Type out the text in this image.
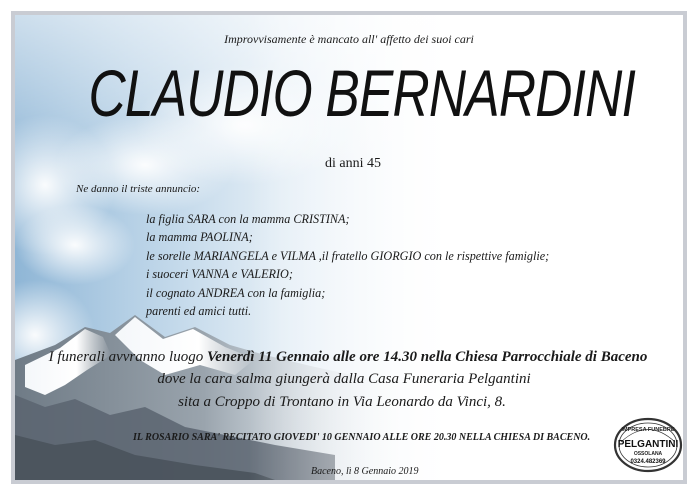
Improvvisamente è mancato all' affetto dei suoi cari
CLAUDIO BERNARDINI
di anni 45
Ne danno il triste annuncio:
la figlia SARA con la mamma CRISTINA;
la mamma PAOLINA;
le sorelle MARIANGELA e VILMA ,il fratello GIORGIO con le rispettive famiglie;
i suoceri VANNA e VALERIO;
il cognato ANDREA con la famiglia;
parenti ed amici tutti.
I funerali avvranno luogo Venerdì 11 Gennaio alle ore 14.30 nella Chiesa Parrocchiale di Baceno
dove la cara salma giungerà dalla Casa Funeraria Pelgantini
sita a Croppo di Trontano in Via Leonardo da Vinci, 8.
IL ROSARIO SARA' RECITATO GIOVEDI' 10 GENNAIO ALLE ORE 20.30 NELLA CHIESA DI BACENO.
Baceno, lì 8 Gennaio 2019
IMPRESA FUNEBRE
PELGANTINI
OSSOLANA
0324.482369
